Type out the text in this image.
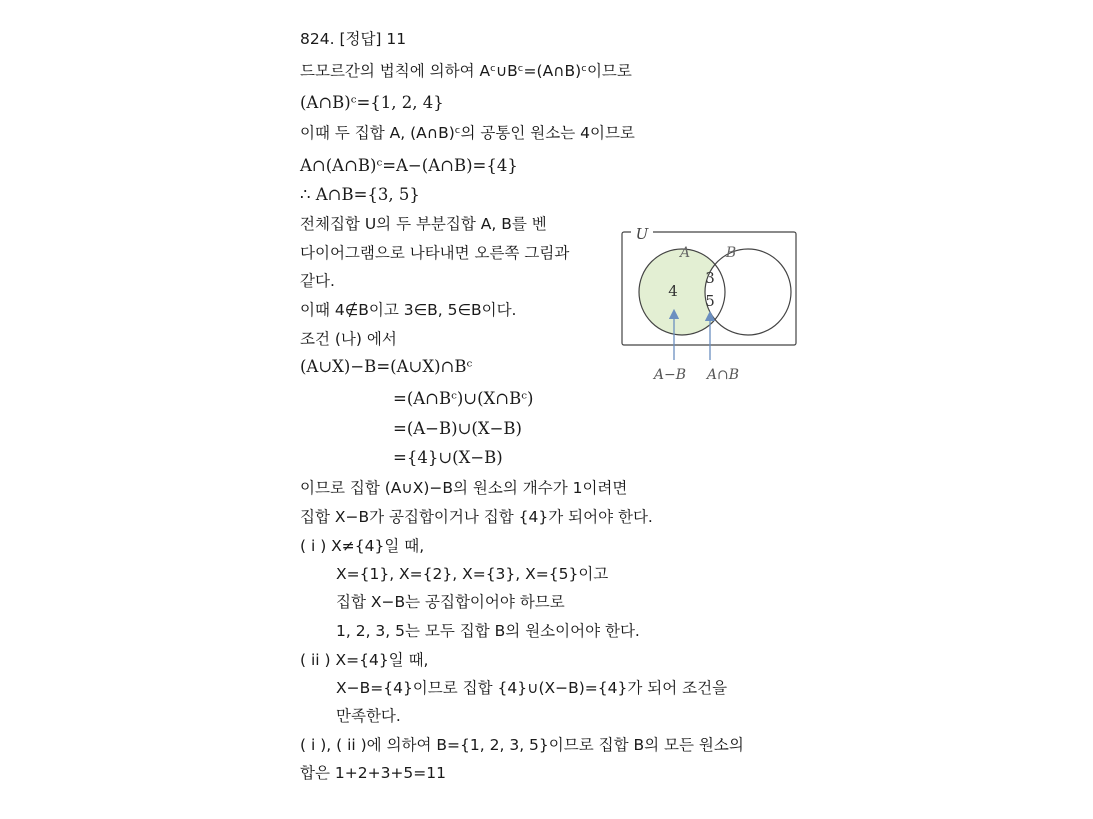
824. [정답] 11
드모르간의 법칙에 의하여 Aᶜ∪Bᶜ=(A∩B)ᶜ이므로
(A∩B)ᶜ={1, 2, 4}
이때 두 집합 A, (A∩B)ᶜ의 공통인 원소는 4이므로
A∩(A∩B)ᶜ=A−(A∩B)={4}
∴ A∩B={3, 5}
전체집합 U의 두 부분집합 A, B를 벤
다이어그램으로 나타내면 오른쪽 그림과
같다.
이때 4∉B이고 3∈B, 5∈B이다.
조건 (나) 에서
(A∪X)−B=(A∪X)∩Bᶜ
=(A∩Bᶜ)∪(X∩Bᶜ)
=(A−B)∪(X−B)
={4}∪(X−B)
이므로 집합 (A∪X)−B의 원소의 개수가 1이려면
집합 X−B가 공집합이거나 집합 {4}가 되어야 한다.
( i ) X≠{4}일 때,
X={1}, X={2}, X={3}, X={5}이고
집합 X−B는 공집합이어야 하므로
1, 2, 3, 5는 모두 집합 B의 원소이어야 한다.
( ii ) X={4}일 때,
X−B={4}이므로 집합 {4}∪(X−B)={4}가 되어 조건을
만족한다.
( i ), ( ii )에 의하여 B={1, 2, 3, 5}이므로 집합 B의 모든 원소의
합은 1+2+3+5=11
U
A	B
4
3
5
A−B A∩B
